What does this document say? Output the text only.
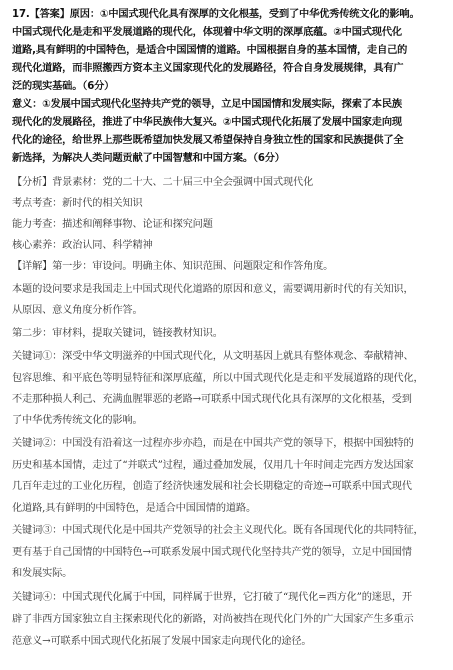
17.【答案】原因：①中国式现代化具有深厚的文化根基，受到了中华优秀传统文化的影响。
中国式现代化是走和平发展道路的现代化，体现着中华文明的深厚底蕴。②中国式现代化
道路,具有鲜明的中国特色，是适合中国国情的道路。中国根据自身的基本国情，走自己的
现代化道路，而非照搬西方资本主义国家现代化的发展路径，符合自身发展规律，具有广
泛的现实基础。（6分）
意义：①发展中国式现代化坚持共产党的领导，立足中国国情和发展实际，探索了本民族
现代化的发展路径，推进了中华民族伟大复兴。②中国式现代化拓展了发展中国家走向现
代化的途径，给世界上那些既希望加快发展又希望保持自身独立性的国家和民族提供了全
新选择，为解决人类问题贡献了中国智慧和中国方案。（6分）
【分析】背景素材：党的二十大、二十届三中全会强调中国式现代化
考点考查：新时代的相关知识
能力考查：描述和阐释事物、论证和探究问题
核心素养：政治认同、科学精神
【详解】第一步：审设问。明确主体、知识范围、问题限定和作答角度。
本题的设问要求是我国走上中国式现代化道路的原因和意义，需要调用新时代的有关知识，
从原因、意义角度分析作答。
第二步：审材料，提取关键词，链接教材知识。
关键词①：深受中华文明滋养的中国式现代化，从文明基因上就具有整体观念、奉献精神、
包容思维、和平底色等明显特征和深厚底蕴，所以中国式现代化是走和平发展道路的现代化，
不走那种损人利己、充满血腥罪恶的老路→可联系中国式现代化具有深厚的文化根基，受到
了中华优秀传统文化的影响。
关键词②：中国没有沿着这一过程亦步亦趋，而是在中国共产党的领导下，根据中国独特的
历史和基本国情，走过了“并联式”过程，通过叠加发展，仅用几十年时间走完西方发达国家
几百年走过的工业化历程，创造了经济快速发展和社会长期稳定的奇迹→可联系中国式现代
化道路,具有鲜明的中国特色，是适合中国国情的道路。
关键词③：中国式现代化是中国共产党领导的社会主义现代化。既有各国现代化的共同特征，
更有基于自己国情的中国特色→可联系发展中国式现代化坚持共产党的领导，立足中国国情
和发展实际。
关键词④：中国式现代化属于中国，同样属于世界，它打破了“现代化=西方化”的迷思，开
辟了非西方国家独立自主探索现代化的新路，对尚被挡在现代化门外的广大国家产生多重示
范意义→可联系中国式现代化拓展了发展中国家走向现代化的途径。
